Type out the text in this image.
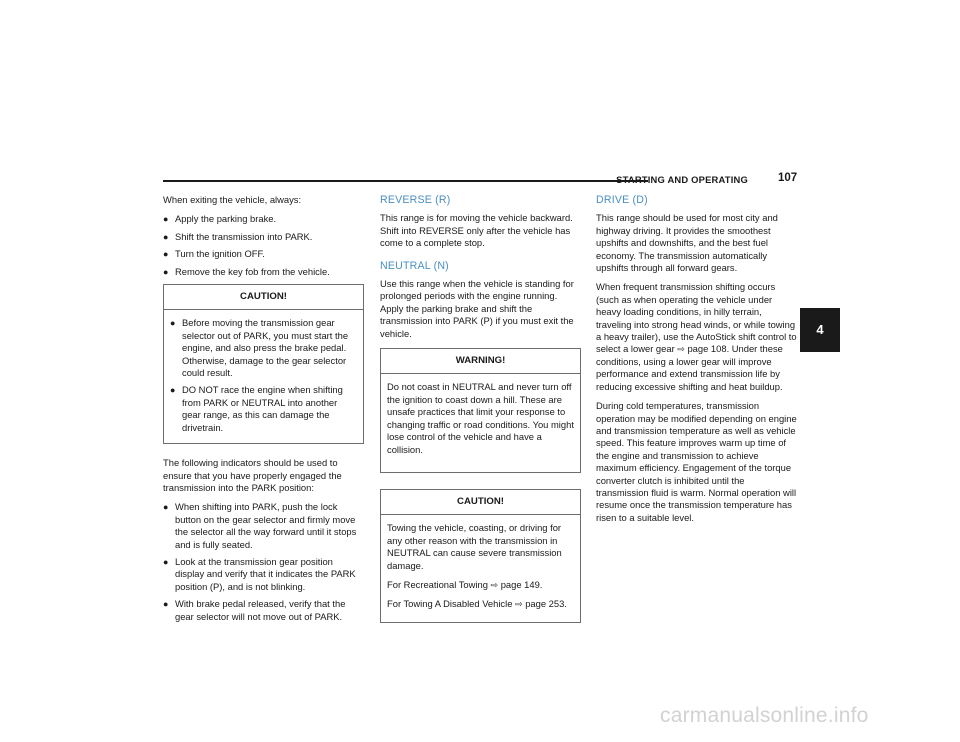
STARTING AND OPERATING	107
4

When exiting the vehicle, always:

● Apply the parking brake.
● Shift the transmission into PARK.
● Turn the ignition OFF.
● Remove the key fob from the vehicle.
CAUTION!
● Before moving the transmission gear selector out of PARK, you must start the engine, and also press the brake pedal. Otherwise, damage to the gear selector could result.
● DO NOT race the engine when shifting from PARK or NEUTRAL into another gear range, as this can damage the drivetrain.

The following indicators should be used to ensure that you have properly engaged the transmission into the PARK position:

● When shifting into PARK, push the lock button on the gear selector and firmly move the selector all the way forward until it stops and is fully seated.
● Look at the transmission gear position display and verify that it indicates the PARK position (P), and is not blinking.
● With brake pedal released, verify that the gear selector will not move out of PARK.
REVERSE (R)

This range is for moving the vehicle backward. Shift into REVERSE only after the vehicle has come to a complete stop.

NEUTRAL (N)

Use this range when the vehicle is standing for prolonged periods with the engine running. Apply the parking brake and shift the transmission into PARK (P) if you must exit the vehicle.

WARNING!

Do not coast in NEUTRAL and never turn off the ignition to coast down a hill. These are unsafe practices that limit your response to changing traffic or road conditions. You might lose control of the vehicle and have a collision.

CAUTION!

Towing the vehicle, coasting, or driving for any other reason with the transmission in NEUTRAL can cause severe transmission damage.

For Recreational Towing ⇨ page 149.

For Towing A Disabled Vehicle ⇨ page 253.

DRIVE (D)

This range should be used for most city and highway driving. It provides the smoothest upshifts and downshifts, and the best fuel economy. The transmission automatically upshifts through all forward gears.

When frequent transmission shifting occurs (such as when operating the vehicle under heavy loading conditions, in hilly terrain, traveling into strong head winds, or while towing a heavy trailer), use the AutoStick shift control to select a lower gear ⇨ page 108. Under these conditions, using a lower gear will improve performance and extend transmission life by reducing excessive shifting and heat buildup.

During cold temperatures, transmission operation may be modified depending on engine and transmission temperature as well as vehicle speed. This feature improves warm up time of the engine and transmission to achieve maximum efficiency. Engagement of the torque converter clutch is inhibited until the transmission fluid is warm. Normal operation will resume once the transmission temperature has risen to a suitable level.

carmanualsonline.info
